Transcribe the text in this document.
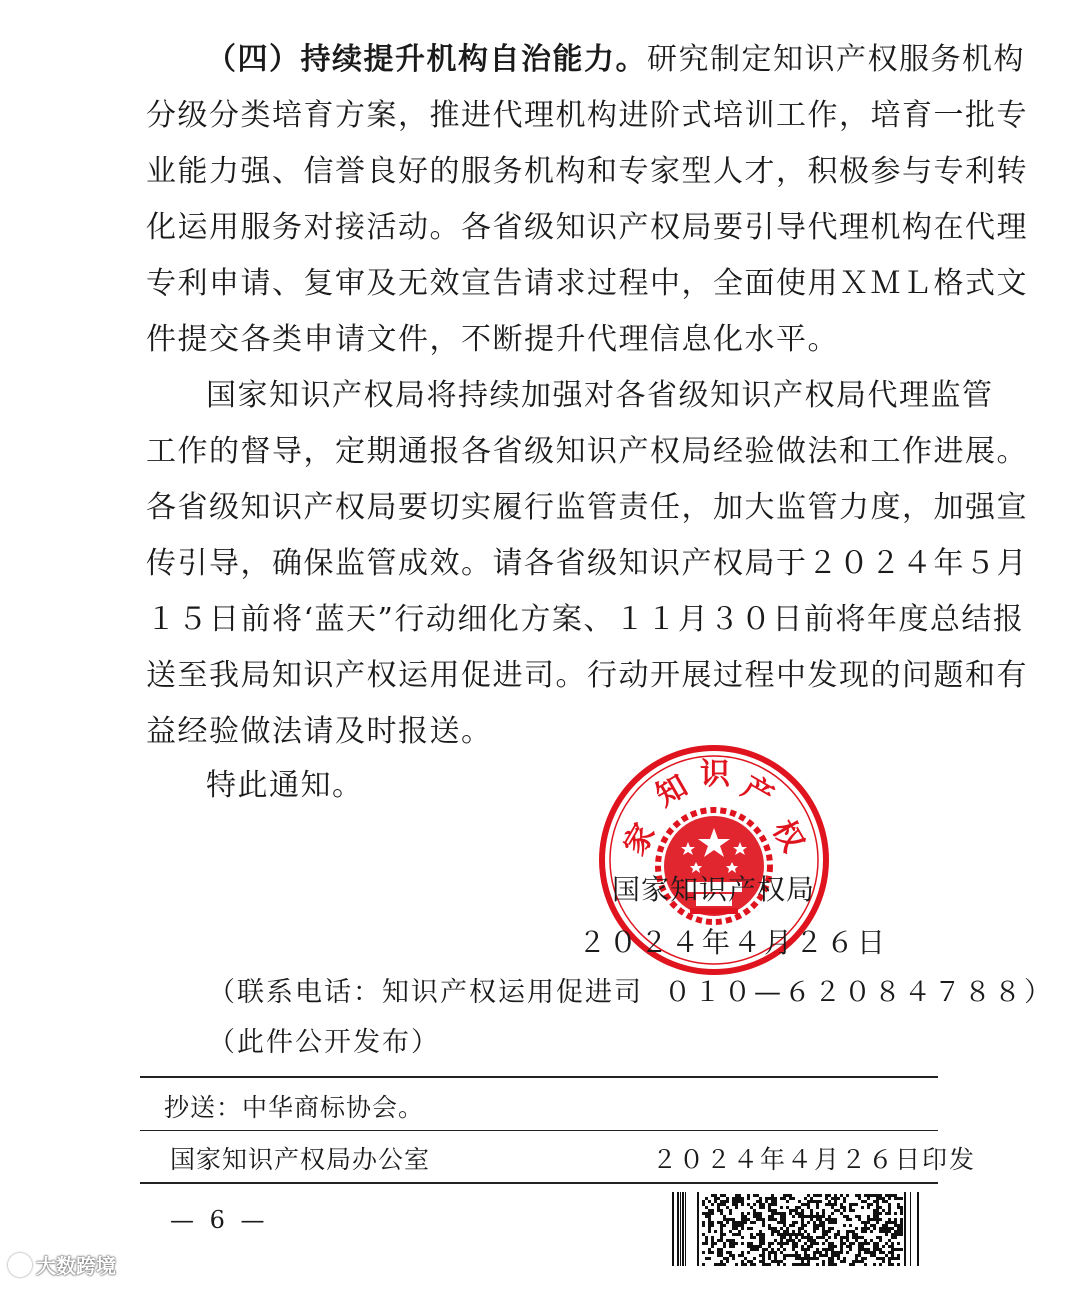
（四）持续提升机构自治能力。研究制定知识产权服务机构
分级分类培育方案，推进代理机构进阶式培训工作，培育一批专
业能力强、信誉良好的服务机构和专家型人才，积极参与专利转
化运用服务对接活动。各省级知识产权局要引导代理机构在代理
专利申请、复审及无效宣告请求过程中，全面使用ＸＭＬ格式文
件提交各类申请文件，不断提升代理信息化水平。
国家知识产权局将持续加强对各省级知识产权局代理监管
工作的督导，定期通报各省级知识产权局经验做法和工作进展。
各省级知识产权局要切实履行监管责任，加大监管力度，加强宣
传引导，确保监管成效。请各省级知识产权局于２０２４年５月
１５日前将‘蓝天”行动细化方案、１１月３０日前将年度总结报
送至我局知识产权运用促进司。行动开展过程中发现的问题和有
益经验做法请及时报送。
特此通知。
家
知 识 产
权
国家知识产权局
２０２４年４月２６日
（联系电话：知识产权运用促进司 ０１０—６２０８４７８８）
（此件公开发布）
抄送：中华商标协会。
国家知识产权局办公室	２０２４年４月２６日印发
— 6 —
大数跨境
